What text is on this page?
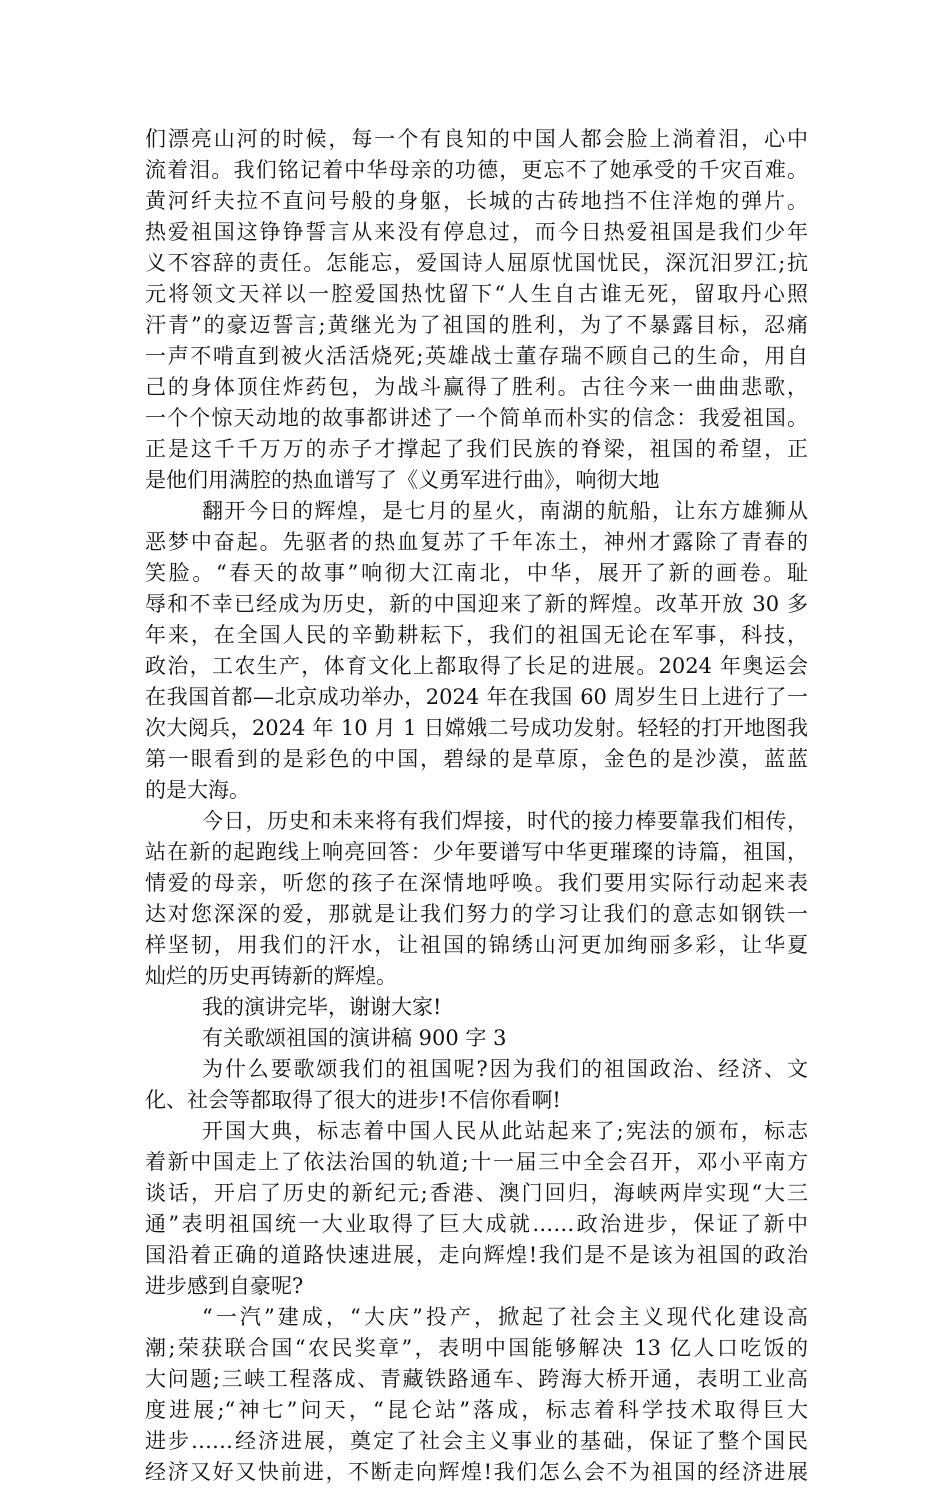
们漂亮山河的时候，每一个有良知的中国人都会脸上淌着泪，心中
流着泪。我们铭记着中华母亲的功德，更忘不了她承受的千灾百难。
黄河纤夫拉不直问号般的身躯，长城的古砖地挡不住洋炮的弹片。
热爱祖国这铮铮誓言从来没有停息过，而今日热爱祖国是我们少年
义不容辞的责任。怎能忘，爱国诗人屈原忧国忧民，深沉汨罗江;抗
元将领文天祥以一腔爱国热忱留下“人生自古谁无死，留取丹心照
汗青”的豪迈誓言;黄继光为了祖国的胜利，为了不暴露目标，忍痛
一声不啃直到被火活活烧死;英雄战士董存瑞不顾自己的生命，用自
己的身体顶住炸药包，为战斗赢得了胜利。古往今来一曲曲悲歌，
一个个惊天动地的故事都讲述了一个简单而朴实的信念：我爱祖国。
正是这千千万万的赤子才撑起了我们民族的脊梁，祖国的希望，正
是他们用满腔的热血谱写了《义勇军进行曲》，响彻大地
翻开今日的辉煌，是七月的星火，南湖的航船，让东方雄狮从
恶梦中奋起。先驱者的热血复苏了千年冻土，神州才露除了青春的
笑脸。“春天的故事”响彻大江南北，中华，展开了新的画卷。耻
辱和不幸已经成为历史，新的中国迎来了新的辉煌。改革开放 30 多
年来，在全国人民的辛勤耕耘下，我们的祖国无论在军事，科技，
政治，工农生产，体育文化上都取得了长足的进展。2024 年奥运会
在我国首都—北京成功举办，2024 年在我国 60 周岁生日上进行了一
次大阅兵，2024 年 10 月 1 日嫦娥二号成功发射。轻轻的打开地图我
第一眼看到的是彩色的中国，碧绿的是草原，金色的是沙漠，蓝蓝
的是大海。
今日，历史和未来将有我们焊接，时代的接力棒要靠我们相传，
站在新的起跑线上响亮回答：少年要谱写中华更璀璨的诗篇，祖国，
情爱的母亲，听您的孩子在深情地呼唤。我们要用实际行动起来表
达对您深深的爱，那就是让我们努力的学习让我们的意志如钢铁一
样坚韧，用我们的汗水，让祖国的锦绣山河更加绚丽多彩，让华夏
灿烂的历史再铸新的辉煌。
我的演讲完毕，谢谢大家!
有关歌颂祖国的演讲稿 900 字 3
为什么要歌颂我们的祖国呢?因为我们的祖国政治、经济、文
化、社会等都取得了很大的进步!不信你看啊!
开国大典，标志着中国人民从此站起来了;宪法的颁布，标志
着新中国走上了依法治国的轨道;十一届三中全会召开，邓小平南方
谈话，开启了历史的新纪元;香港、澳门回归，海峡两岸实现“大三
通”表明祖国统一大业取得了巨大成就……政治进步，保证了新中
国沿着正确的道路快速进展，走向辉煌!我们是不是该为祖国的政治
进步感到自豪呢?
“一汽”建成，“大庆”投产，掀起了社会主义现代化建设高
潮;荣获联合国“农民奖章”，表明中国能够解决 13 亿人口吃饭的
大问题;三峡工程落成、青藏铁路通车、跨海大桥开通，表明工业高
度进展;“神七”问天，“昆仑站”落成，标志着科学技术取得巨大
进步……经济进展，奠定了社会主义事业的基础，保证了整个国民
经济又好又快前进，不断走向辉煌!我们怎么会不为祖国的经济进展
